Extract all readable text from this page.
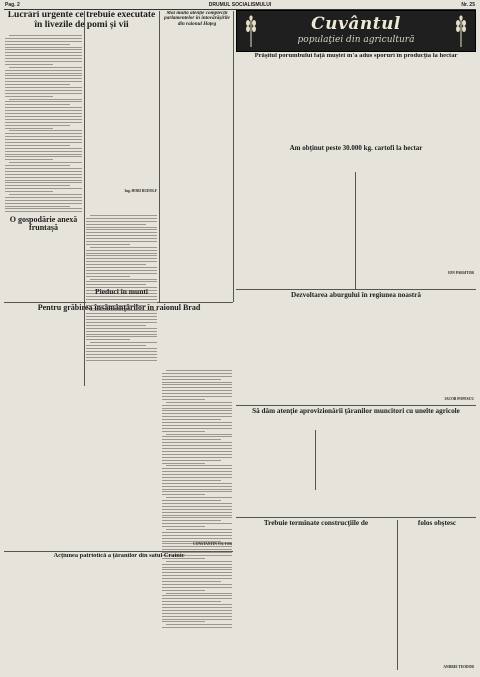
Pag. 2	DRUMUL SOCIALISMULUI	Nr. 25
Cuvântul
populaţiei din agricultură
Lucrări urgente ce trebuie executate în livezile de pomi și vii
Ing. HOBI RUDOLF
Mai multă atenție complecții parlamentelor în întovărășirile din raionul Hațeg
O gospodărie anexă fruntașă
Pentru grăbirea însămânțărilor în raionul Brad
CONSTANTIN VICTOR
Acțiunea patriotică a țăranilor din satul Crainic
Prășitul porumbului față muștei m'a adus sporuri în producția la hectar
Am obținut peste 30.000 kg. cartofi la hectar
ION PARSITOR
Pieduci în munti	Dezvoltarea aburgului în regiunea noastră
IACOB POPESCU
Să dăm atenție aprovizionării țăranilor muncitori cu unelte agricole
Trebuie terminate construcţiile de	folos obştesc
ANDREI TEODOR
